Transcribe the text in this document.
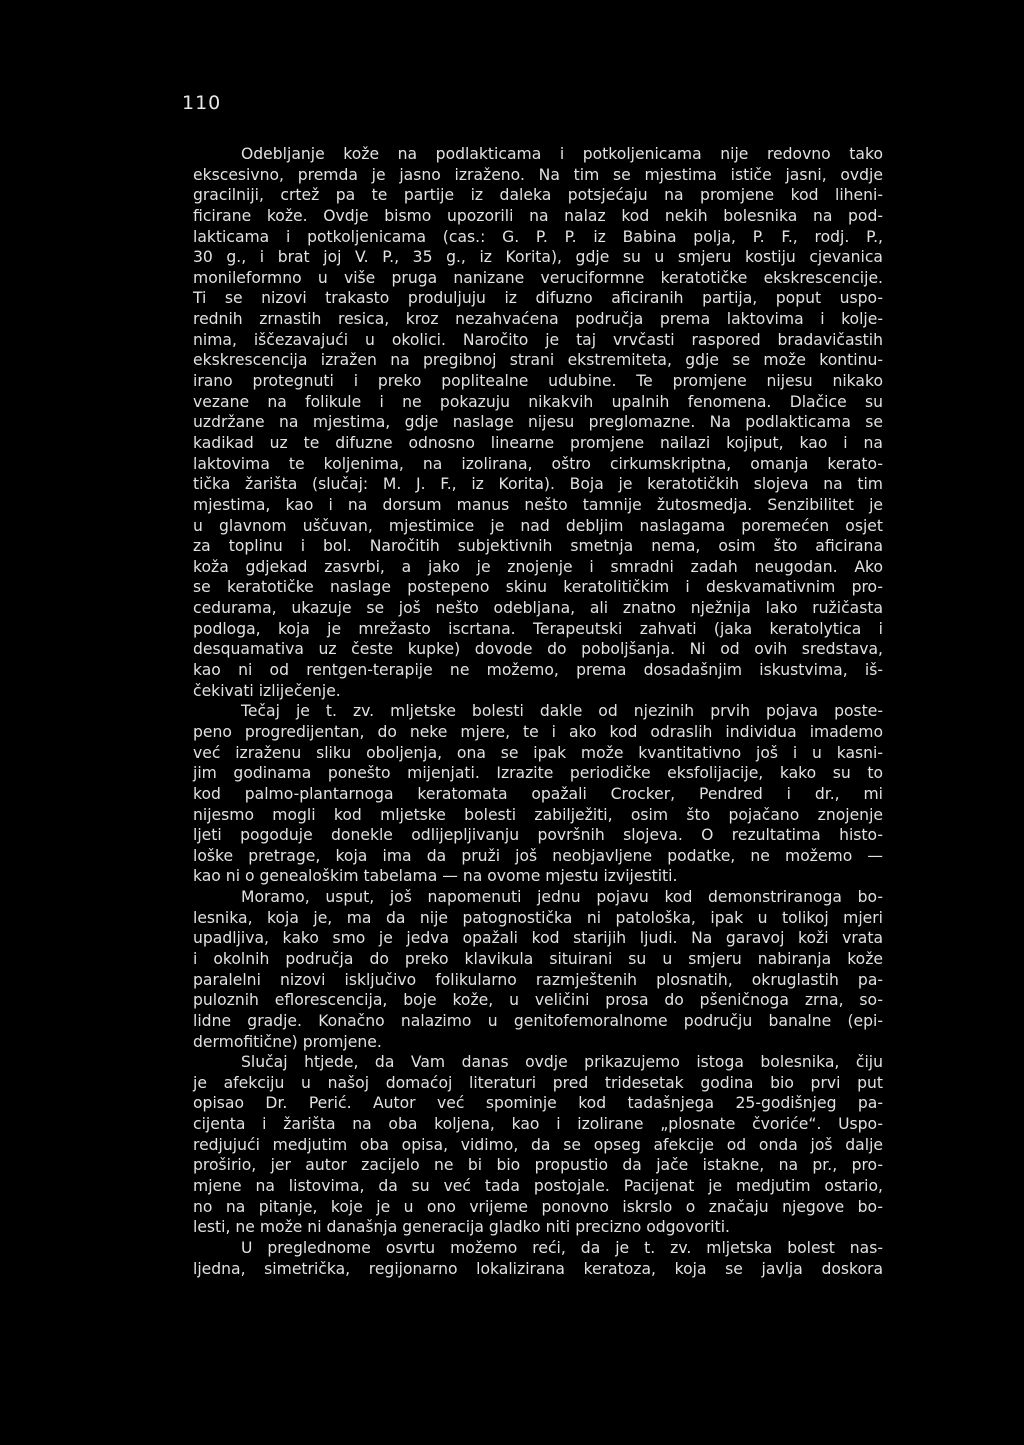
110

Odebljanje kože na podlakticama i potkoljenicama nije redovno tako

ekscesivno, premda je jasno izraženo. Na tim se mjestima ističe jasni, ovdje

gracilniji, crtež pa te partije iz daleka potsjećaju na promjene kod liheni-

ficirane kože. Ovdje bismo upozorili na nalaz kod nekih bolesnika na pod-

lakticama i potkoljenicama (cas.: G. P. P. iz Babina polja, P. F., rodj. P.,

30 g., i brat joj V. P., 35 g., iz Korita), gdje su u smjeru kostiju cjevanica

monileformno u više pruga nanizane veruciformne keratotičke ekskrescencije.

Ti se nizovi trakasto produljuju iz difuzno aficiranih partija, poput uspo-

rednih zrnastih resica, kroz nezahvaćena područja prema laktovima i kolje-

nima, iščezavajući u okolici. Naročito je taj vrvčasti raspored bradavičastih

ekskrescencija izražen na pregibnoj strani ekstremiteta, gdje se može kontinu-

irano protegnuti i preko poplitealne udubine. Te promjene nijesu nikako

vezane na folikule i ne pokazuju nikakvih upalnih fenomena. Dlačice su

uzdržane na mjestima, gdje naslage nijesu preglomazne. Na podlakticama se

kadikad uz te difuzne odnosno linearne promjene nailazi kojiput, kao i na

laktovima te koljenima, na izolirana, oštro cirkumskriptna, omanja kerato-

tička žarišta (slučaj: M. J. F., iz Korita). Boja je keratotičkih slojeva na tim

mjestima, kao i na dorsum manus nešto tamnije žutosmedja. Senzibilitet je

u glavnom uščuvan, mjestimice je nad debljim naslagama poremećen osjet

za toplinu i bol. Naročitih subjektivnih smetnja nema, osim što aficirana

koža gdjekad zasvrbi, a jako je znojenje i smradni zadah neugodan. Ako

se keratotičke naslage postepeno skinu keratolitičkim i deskvamativnim pro-

cedurama, ukazuje se još nešto odebljana, ali znatno nježnija lako ružičasta

podloga, koja je mrežasto iscrtana. Terapeutski zahvati (jaka keratolytica i

desquamativa uz česte kupke) dovode do poboljšanja. Ni od ovih sredstava,

kao ni od rentgen-terapije ne možemo, prema dosadašnjim iskustvima, iš-

čekivati izliječenje.

Tečaj je t. zv. mljetske bolesti dakle od njezinih prvih pojava poste-

peno progredijentan, do neke mjere, te i ako kod odraslih individua imademo

već izraženu sliku oboljenja, ona se ipak može kvantitativno još i u kasni-

jim godinama ponešto mijenjati. Izrazite periodičke eksfolijacije, kako su to

kod palmo-plantarnoga keratomata opažali Crocker, Pendred i dr., mi

nijesmo mogli kod mljetske bolesti zabilježiti, osim što pojačano znojenje

ljeti pogoduje donekle odlijepljivanju površnih slojeva. O rezultatima histo-

loške pretrage, koja ima da pruži još neobjavljene podatke, ne možemo —

kao ni o genealoškim tabelama — na ovome mjestu izvijestiti.

Moramo, usput, još napomenuti jednu pojavu kod demonstriranoga bo-

lesnika, koja je, ma da nije patognostička ni patološka, ipak u tolikoj mjeri

upadljiva, kako smo je jedva opažali kod starijih ljudi. Na garavoj koži vrata

i okolnih područja do preko klavikula situirani su u smjeru nabiranja kože

paralelni nizovi isključivo folikularno razmještenih plosnatih, okruglastih pa-

puloznih eflorescencija, boje kože, u veličini prosa do pšeničnoga zrna, so-

lidne gradje. Konačno nalazimo u genitofemoralnome području banalne (epi-

dermofitične) promjene.

Slučaj htjede, da Vam danas ovdje prikazujemo istoga bolesnika, čiju

je afekciju u našoj domaćoj literaturi pred tridesetak godina bio prvi put

opisao Dr. Perić. Autor već spominje kod tadašnjega 25-godišnjeg pa-

cijenta i žarišta na oba koljena, kao i izolirane „plosnate čvoriće“. Uspo-

redjujući medjutim oba opisa, vidimo, da se opseg afekcije od onda još dalje

proširio, jer autor zacijelo ne bi bio propustio da jače istakne, na pr., pro-

mjene na listovima, da su već tada postojale. Pacijenat je medjutim ostario,

no na pitanje, koje je u ono vrijeme ponovno iskrslo o značaju njegove bo-

lesti, ne može ni današnja generacija gladko niti precizno odgovoriti.

U preglednome osvrtu možemo reći, da je t. zv. mljetska bolest nas-

ljedna, simetrička, regijonarno lokalizirana keratoza, koja se javlja doskora
